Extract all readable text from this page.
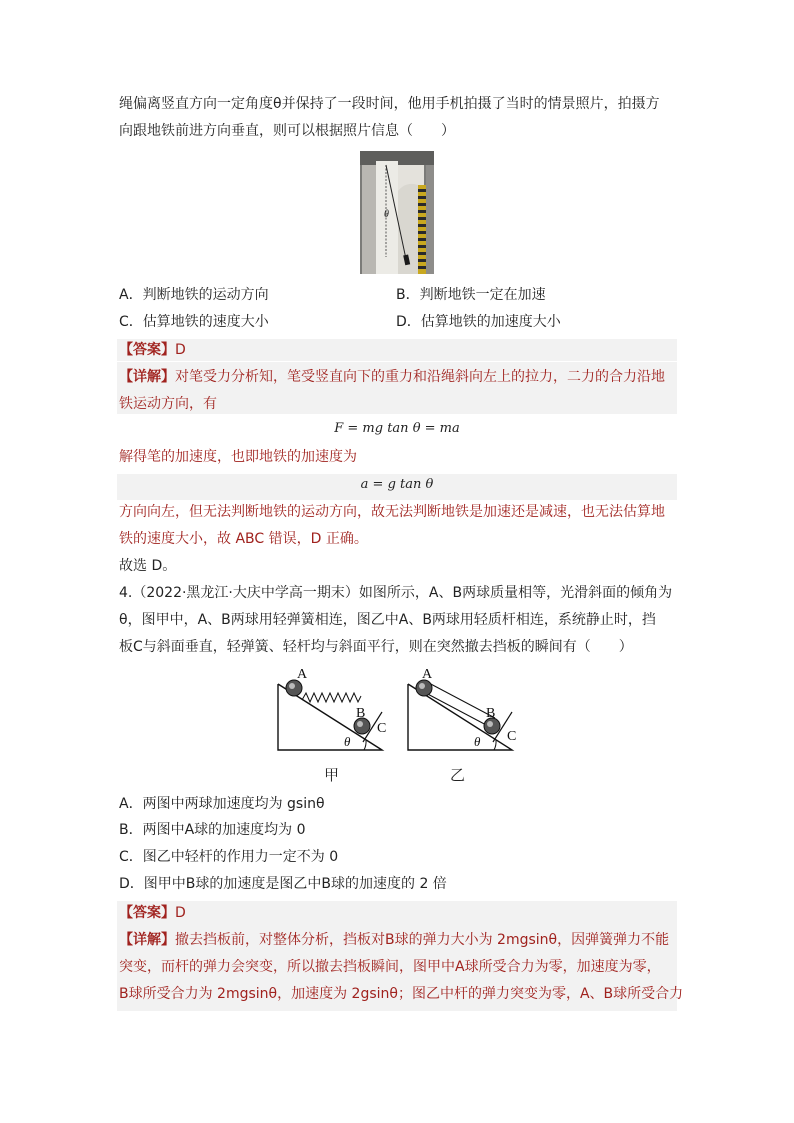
绳偏离竖直方向一定角度θ并保持了一段时间，他用手机拍摄了当时的情景照片，拍摄方
向跟地铁前进方向垂直，则可以根据照片信息（　　）
θ
A．判断地铁的运动方向	B．判断地铁一定在加速
C．估算地铁的速度大小	D．估算地铁的加速度大小
【答案】D
【详解】对笔受力分析知，笔受竖直向下的重力和沿绳斜向左上的拉力，二力的合力沿地
铁运动方向，有
F = mg tan θ = ma
解得笔的加速度，也即地铁的加速度为
a = g tan θ
方向向左，但无法判断地铁的运动方向，故无法判断地铁是加速还是减速，也无法估算地
铁的速度大小，故 ABC 错误，D 正确。
故选 D。
4.（2022·黑龙江·大庆中学高一期末）如图所示，A、B两球质量相等，光滑斜面的倾角为
θ，图甲中，A、B两球用轻弹簧相连，图乙中A、B两球用轻质杆相连，系统静止时，挡
板C与斜面垂直，轻弹簧、轻杆均与斜面平行，则在突然撤去挡板的瞬间有（　　）
A
B
C
θ
甲
A
B
C
θ
乙
A．两图中两球加速度均为 gsinθ
B．两图中A球的加速度均为 0
C．图乙中轻杆的作用力一定不为 0
D．图甲中B球的加速度是图乙中B球的加速度的 2 倍
【答案】D
【详解】撤去挡板前，对整体分析，挡板对B球的弹力大小为 2mgsinθ，因弹簧弹力不能
突变，而杆的弹力会突变，所以撤去挡板瞬间，图甲中A球所受合力为零，加速度为零，
B球所受合力为 2mgsinθ，加速度为 2gsinθ；图乙中杆的弹力突变为零，A、B球所受合力
